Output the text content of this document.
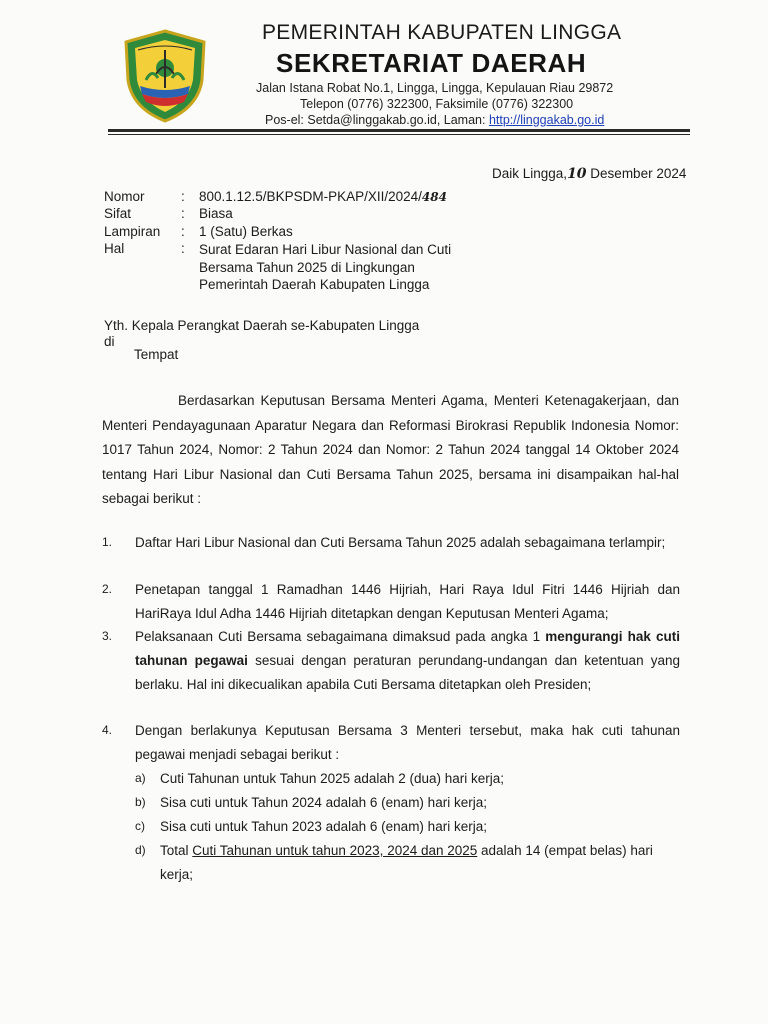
PEMERINTAH KABUPATEN LINGGA
SEKRETARIAT DAERAH
Jalan Istana Robat No.1, Lingga, Lingga, Kepulauan Riau 29872
Telepon (0776) 322300, Faksimile (0776) 322300
Pos-el: Setda@linggakab.go.id, Laman: http://linggakab.go.id
Daik Lingga,10 Desember 2024
Nomor	: 800.1.12.5/BKPSDM-PKAP/XII/2024/484
Sifat	: Biasa
Lampiran : 1 (Satu) Berkas
Hal	: Surat Edaran Hari Libur Nasional dan Cuti
Bersama Tahun 2025 di Lingkungan
Pemerintah Daerah Kabupaten Lingga
Yth. Kepala Perangkat Daerah se-Kabupaten Lingga
di
Tempat
Berdasarkan Keputusan Bersama Menteri Agama, Menteri Ketenagakerjaan, dan Menteri Pendayagunaan Aparatur Negara dan Reformasi Birokrasi Republik Indonesia Nomor: 1017 Tahun 2024, Nomor: 2 Tahun 2024 dan Nomor: 2 Tahun 2024 tanggal 14 Oktober 2024 tentang Hari Libur Nasional dan Cuti Bersama Tahun 2025, bersama ini disampaikan hal-hal sebagai berikut :
1. Daftar Hari Libur Nasional dan Cuti Bersama Tahun 2025 adalah sebagaimana terlampir;
2. Penetapan tanggal 1 Ramadhan 1446 Hijriah, Hari Raya Idul Fitri 1446 Hijriah dan HariRaya Idul Adha 1446 Hijriah ditetapkan dengan Keputusan Menteri Agama;
3. Pelaksanaan Cuti Bersama sebagaimana dimaksud pada angka 1 mengurangi hak cuti tahunan pegawai sesuai dengan peraturan perundang-undangan dan ketentuan yang berlaku. Hal ini dikecualikan apabila Cuti Bersama ditetapkan oleh Presiden;
4. Dengan berlakunya Keputusan Bersama 3 Menteri tersebut, maka hak cuti tahunan pegawai menjadi sebagai berikut :
a) Cuti Tahunan untuk Tahun 2025 adalah 2 (dua) hari kerja;
b) Sisa cuti untuk Tahun 2024 adalah 6 (enam) hari kerja;
c) Sisa cuti untuk Tahun 2023 adalah 6 (enam) hari kerja;
d) Total Cuti Tahunan untuk tahun 2023, 2024 dan 2025 adalah 14 (empat belas) hari kerja;
